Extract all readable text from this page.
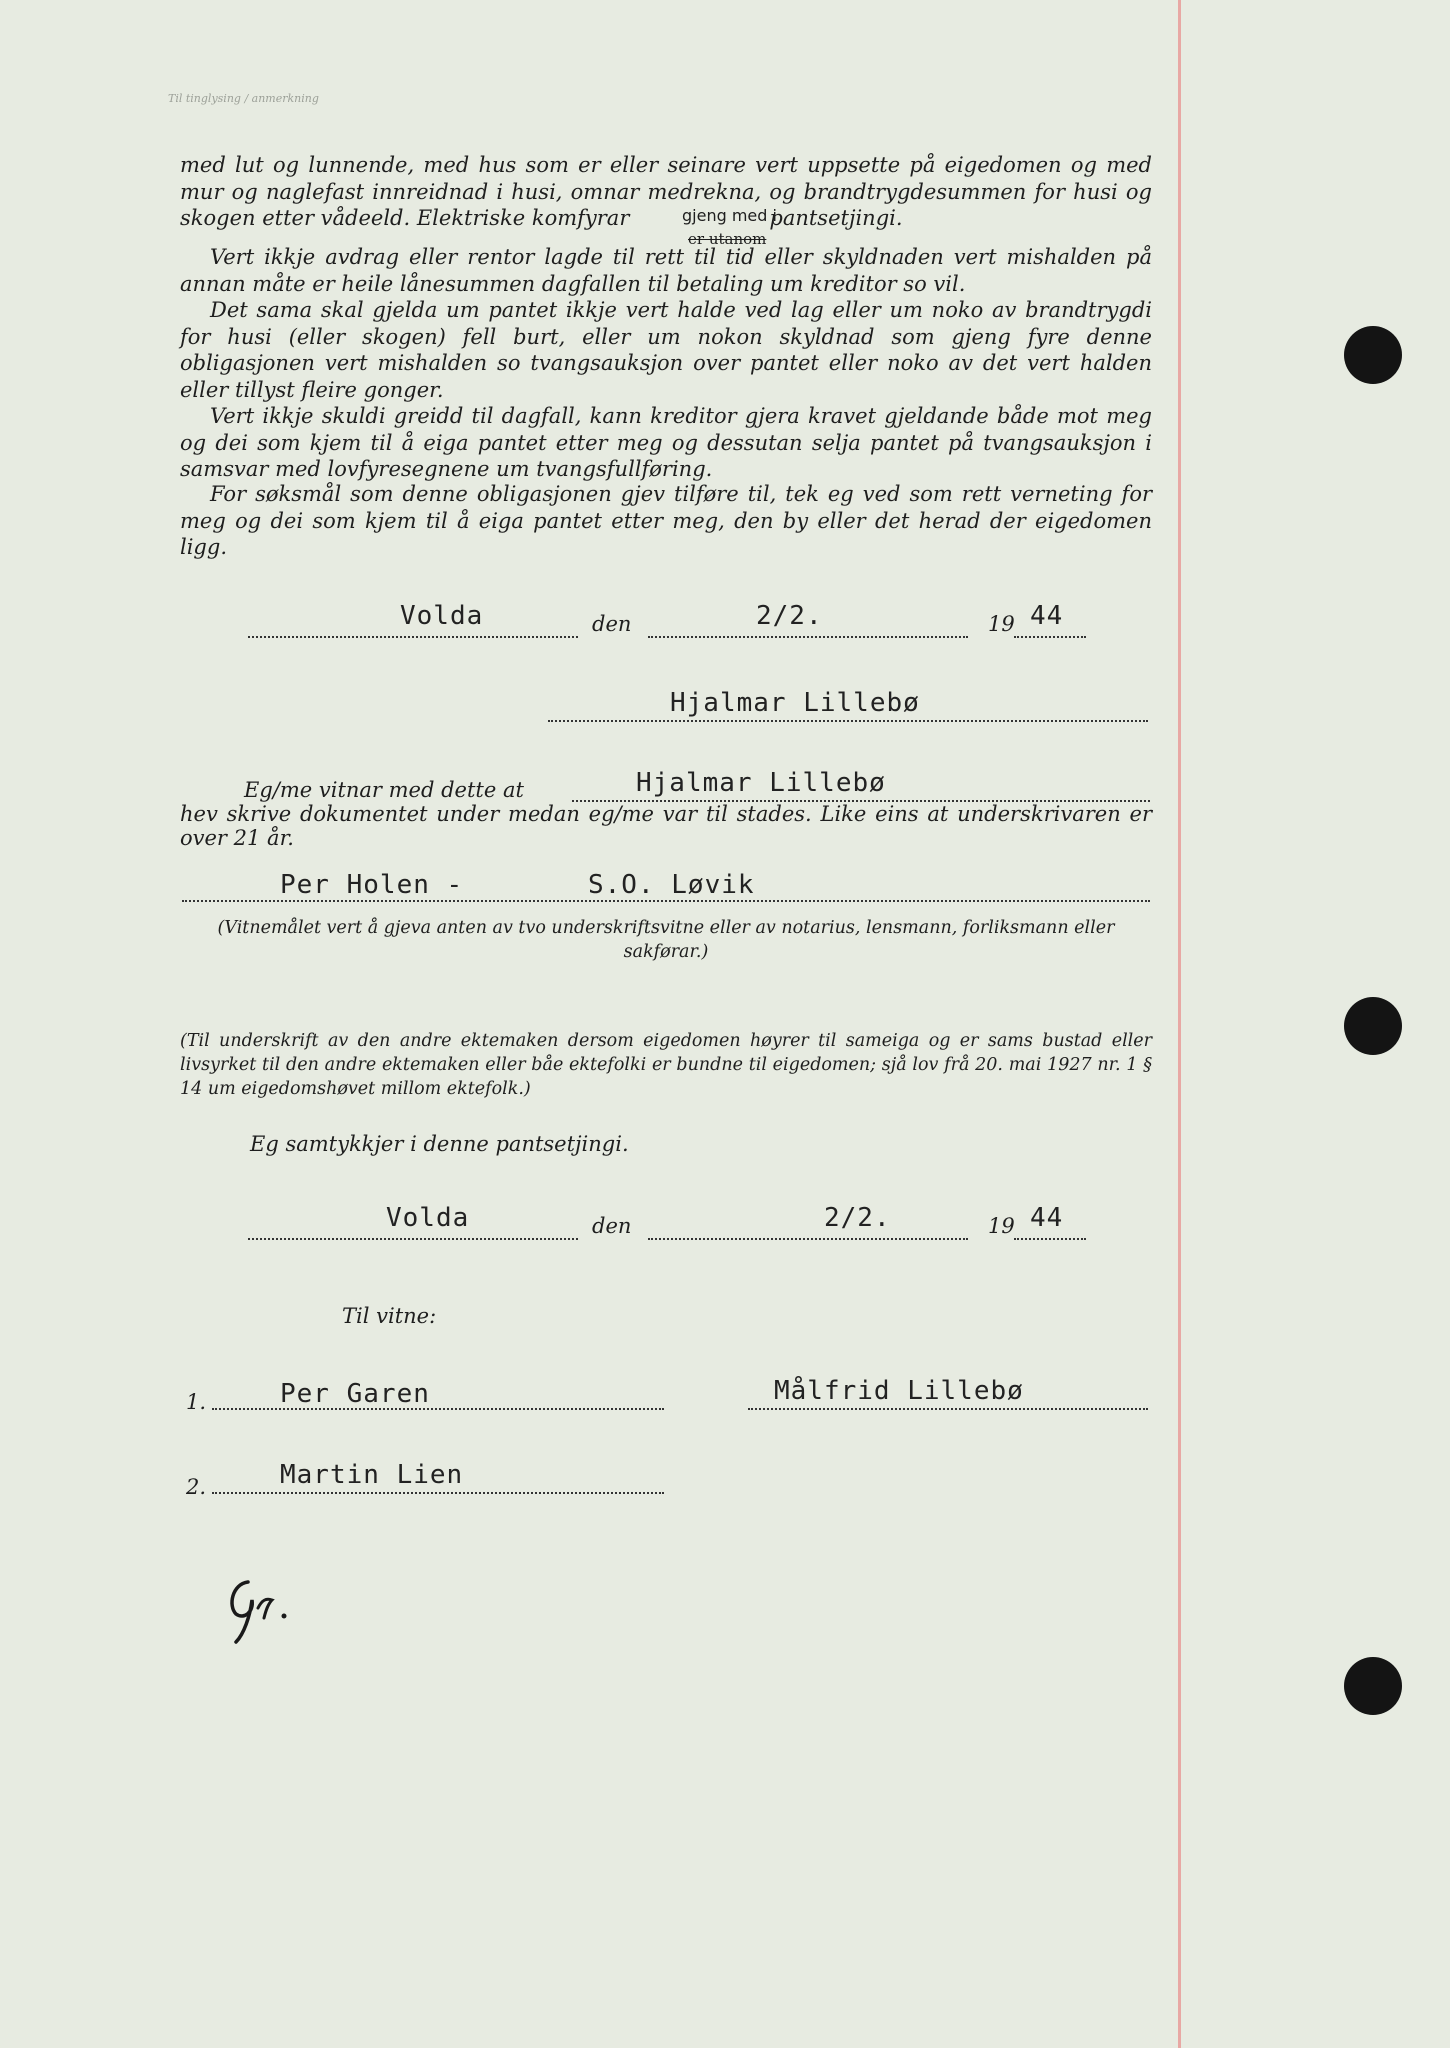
Til tinglysing / anmerkning
med lut og lunnende, med hus som er eller seinare vert uppsette på eigedomen og med mur og naglefast innreidnad i husi, omnar medrekna, og brandtrygdesummen for husi og skogen etter vådeeld. Elektriske komfyrar	pantsetjingi.
gjeng med i
er utanom
Vert ikkje avdrag eller rentor lagde til rett til tid eller skyldnaden vert mishalden på annan måte er heile lånesummen dagfallen til betaling um kreditor so vil.
Det sama skal gjelda um pantet ikkje vert halde ved lag eller um noko av brandtrygdi for husi (eller skogen) fell burt, eller um nokon skyldnad som gjeng fyre denne obligasjonen vert mishalden so tvangsauksjon over pantet eller noko av det vert halden eller tillyst fleire gonger.
Vert ikkje skuldi greidd til dagfall, kann kreditor gjera kravet gjeldande både mot meg og dei som kjem til å eiga pantet etter meg og dessutan selja pantet på tvangsauksjon i samsvar med lovfyresegnene um tvangsfullføring.
For søksmål som denne obligasjonen gjev tilføre til, tek eg ved som rett verneting for meg og dei som kjem til å eiga pantet etter meg, den by eller det herad der eigedomen ligg.
Volda	den	2/2.	19 44
Hjalmar Lillebø
Eg/me vitnar med dette at	Hjalmar Lillebø
hev skrive dokumentet under medan eg/me var til stades. Like eins at underskrivaren er over 21 år.
Per Holen -	S.O. Løvik
(Vitnemålet vert å gjeva anten av tvo underskriftsvitne eller av notarius, lensmann, forliksmann eller sakførar.)
(Til underskrift av den andre ektemaken dersom eigedomen høyrer til sameiga og er sams bustad eller livsyrket til den andre ektemaken eller båe ektefolki er bundne til eigedomen; sjå lov frå 20. mai 1927 nr. 1 § 14 um eigedomshøvet millom ektefolk.)
Eg samtykkjer i denne pantsetjingi.
Volda	den	2/2.	19 44
Til vitne:
1.	Per Garen	Målfrid Lillebø
2.	Martin Lien
